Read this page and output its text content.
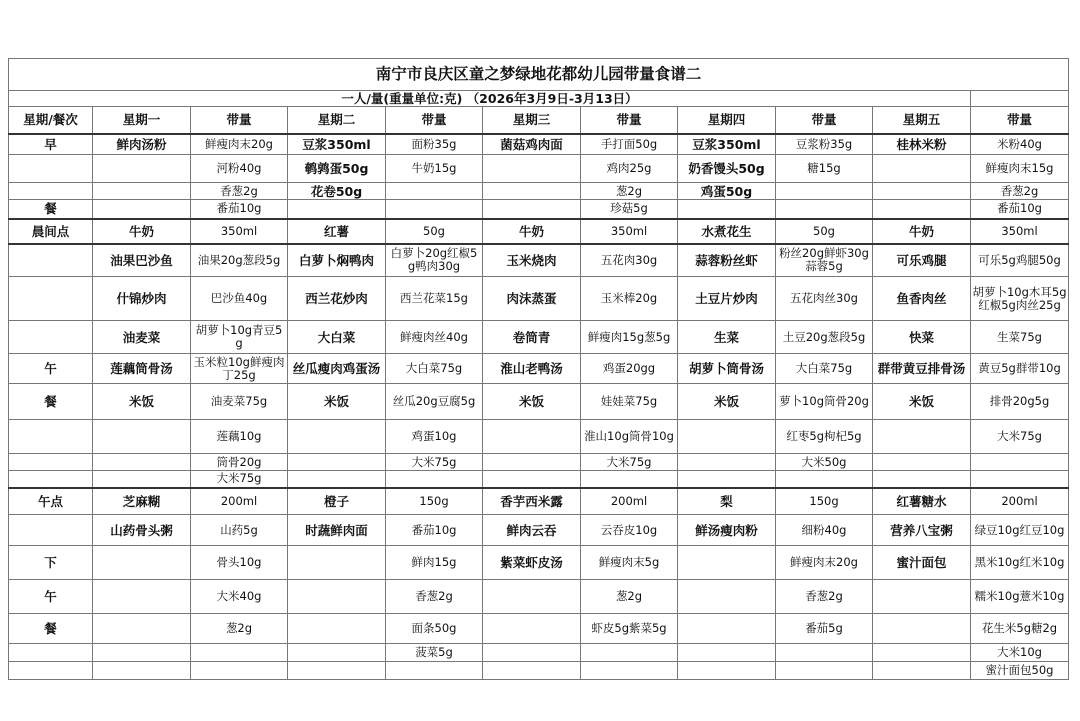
南宁市良庆区童之梦绿地花都幼儿园带量食谱二										
一人/量(重量单位:克) （2026年3月9日-3月13日）										
星期/餐次	星期一	带量	星期二	带量	星期三	带量	星期四	带量	星期五	带量
早	鲜肉汤粉	鲜瘦肉末20g	豆浆350ml	面粉35g	菌菇鸡肉面	手打面50g	豆浆350ml	豆浆粉35g	桂林米粉	米粉40g
		河粉40g	鹌鹑蛋50g	牛奶15g		鸡肉25g	奶香馒头50g	糖15g		鲜瘦肉末15g
		香葱2g	花卷50g			葱2g	鸡蛋50g			香葱2g
餐		番茄10g				珍菇5g				番茄10g
晨间点	牛奶	350ml	红薯	50g	牛奶	350ml	水煮花生	50g	牛奶	350ml
	油果巴沙鱼	油果20g葱段5g	白萝卜焖鸭肉	白萝卜20g红椒5g鸭肉30g	玉米烧肉	五花肉30g	蒜蓉粉丝虾	粉丝20g鲜虾30g蒜蓉5g	可乐鸡腿	可乐5g鸡腿50g
	什锦炒肉	巴沙鱼40g	西兰花炒肉	西兰花菜15g	肉沫蒸蛋	玉米棒20g	土豆片炒肉	五花肉丝30g	鱼香肉丝	胡萝卜10g木耳5g红椒5g肉丝25g
	油麦菜	胡萝卜10g青豆5g	大白菜	鲜瘦肉丝40g	卷筒青	鲜瘦肉15g葱5g	生菜	土豆20g葱段5g	快菜	生菜75g
午	莲藕筒骨汤	玉米粒10g鲜瘦肉丁25g	丝瓜瘦肉鸡蛋汤	大白菜75g	淮山老鸭汤	鸡蛋20gg	胡萝卜筒骨汤	大白菜75g	群带黄豆排骨汤	黄豆5g群带10g
餐	米饭	油麦菜75g	米饭	丝瓜20g豆腐5g	米饭	娃娃菜75g	米饭	萝卜10g筒骨20g	米饭	排骨20g5g
		莲藕10g		鸡蛋10g		淮山10g筒骨10g		红枣5g枸杞5g		大米75g
		筒骨20g		大米75g		大米75g		大米50g		
		大米75g								
午点	芝麻糊	200ml	橙子	150g	香芋西米露	200ml	梨	150g	红薯糖水	200ml
	山药骨头粥	山药5g	时蔬鲜肉面	番茄10g	鲜肉云吞	云吞皮10g	鲜汤瘦肉粉	细粉40g	营养八宝粥	绿豆10g红豆10g
下		骨头10g		鲜肉15g	紫菜虾皮汤	鲜瘦肉末5g		鲜瘦肉末20g	蜜汁面包	黑米10g红米10g
午		大米40g		香葱2g		葱2g		香葱2g		糯米10g薏米10g
餐		葱2g		面条50g		虾皮5g紫菜5g		番茄5g		花生米5g糖2g
				菠菜5g						大米10g
										蜜汁面包50g
